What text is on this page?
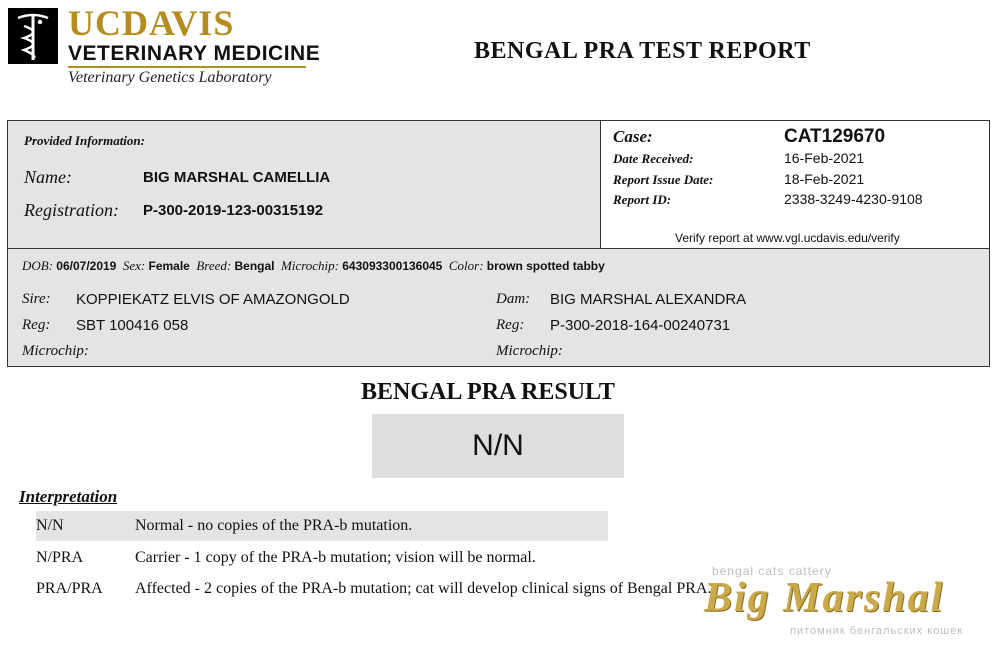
UCDAVIS
VETERINARY MEDICINE
Veterinary Genetics Laboratory
BENGAL PRA TEST REPORT
Provided Information:
Name:	BIG MARSHAL CAMELLIA
Registration: P-300-2019-123-00315192
Case:	CAT129670
Date Received:	16-Feb-2021
Report Issue Date:	18-Feb-2021
Report ID:	2338-3249-4230-9108
Verify report at www.vgl.ucdavis.edu/verify
DOB: 06/07/2019 Sex: Female Breed: Bengal Microchip: 643093300136045 Color: brown spotted tabby
Sire: KOPPIEKATZ ELVIS OF AMAZONGOLD
Reg: SBT 100416 058
Microchip:
Dam: BIG MARSHAL ALEXANDRA
Reg: P-300-2018-164-00240731
Microchip:
BENGAL PRA RESULT
N/N
Interpretation
N/N	Normal - no copies of the PRA-b mutation.
N/PRA	Carrier - 1 copy of the PRA-b mutation; vision will be normal.
PRA/PRA	Affected - 2 copies of the PRA-b mutation; cat will develop clinical signs of Bengal PRA.
bengal cats cattery
Big Marshal
питомник бенгальских кошек
